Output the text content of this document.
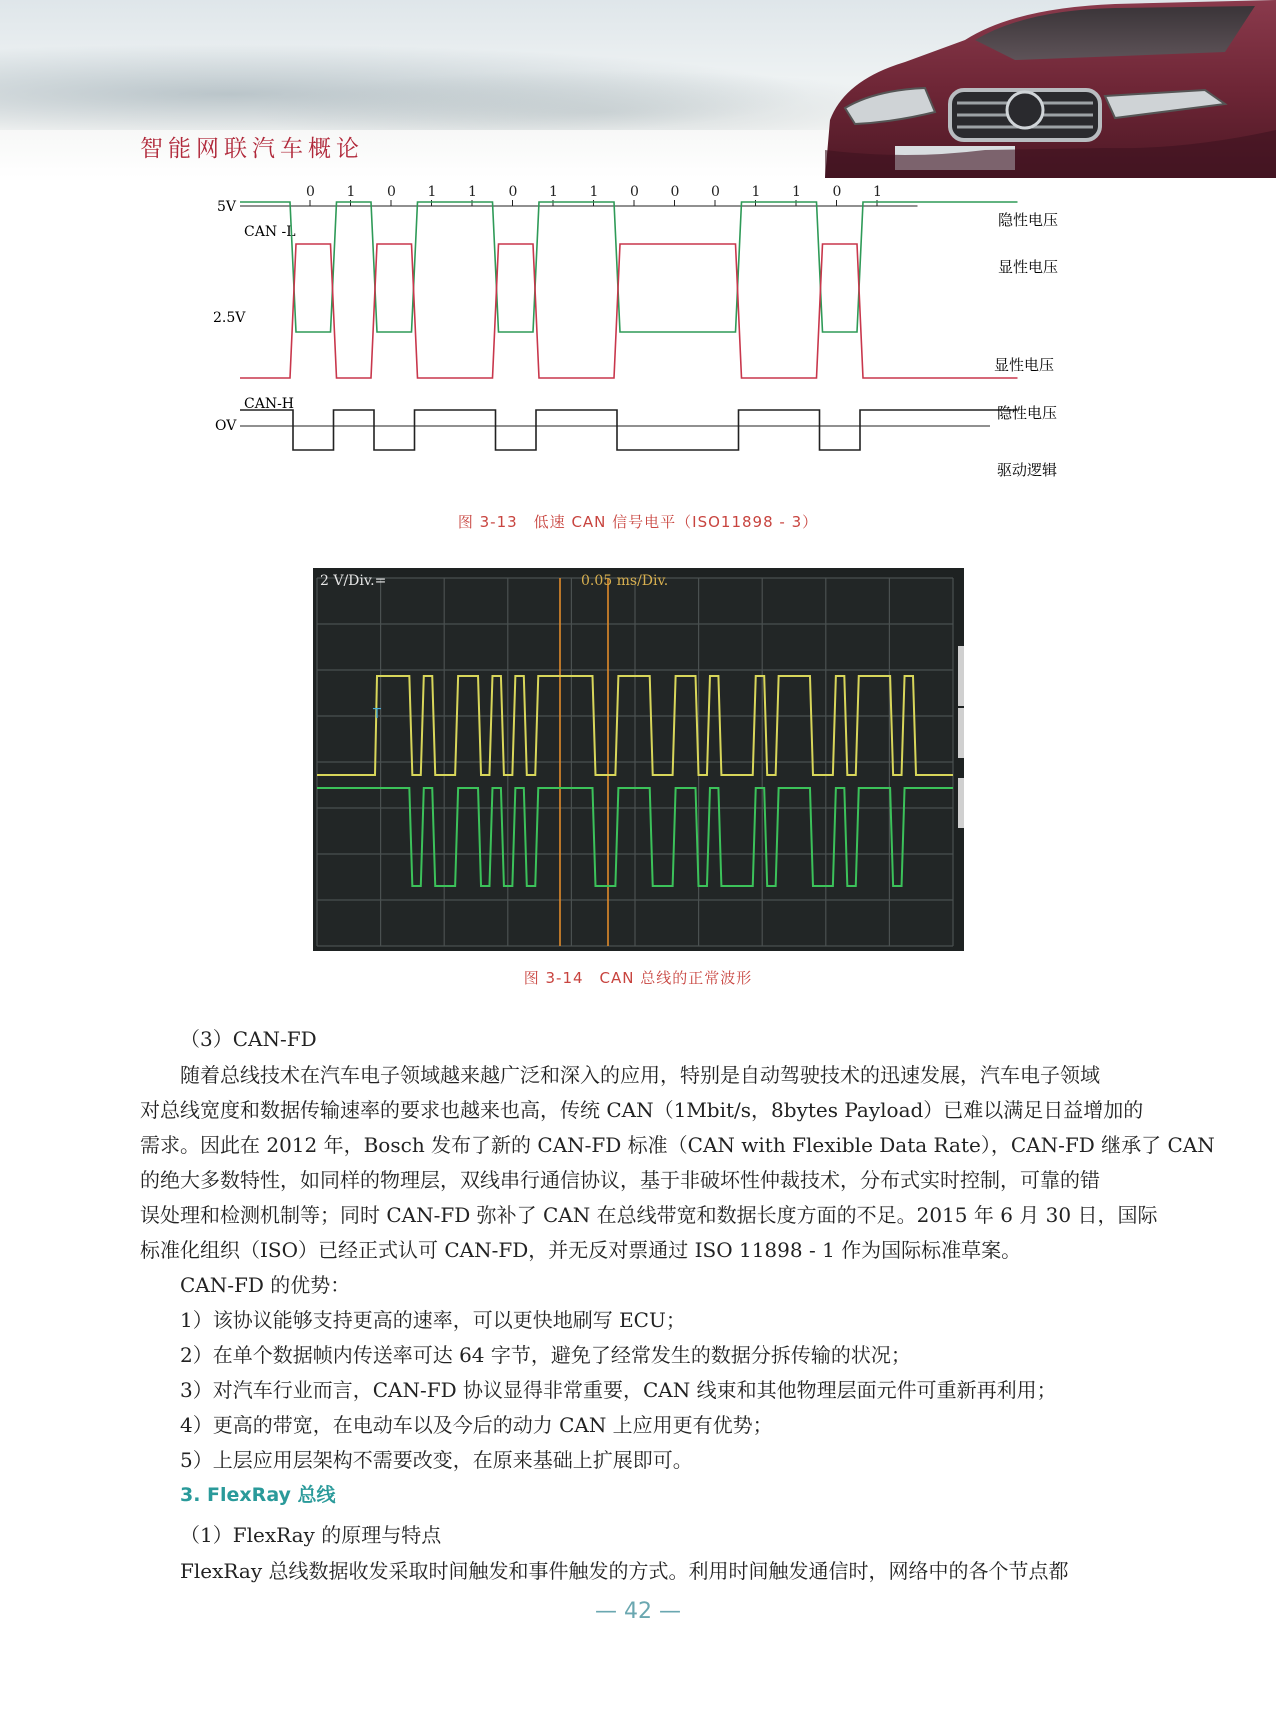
智能网联汽车概论
0 1 0 1 1 0 1 1 0 0 0 1 1 0 1
5V
2.5V
OV
CAN -L
CAN-H
隐性电压
显性电压
显性电压
隐性电压
驱动逻辑
图 3-13　低速 CAN 信号电平（ISO11898 - 3）
2 V/Div.=	0.05 ms/Div.
T
图 3-14　CAN 总线的正常波形
（3）CAN-FD
随着总线技术在汽车电子领域越来越广泛和深入的应用，特别是自动驾驶技术的迅速发展，汽车电子领域
对总线宽度和数据传输速率的要求也越来也高，传统 CAN（1Mbit/s，8bytes Payload）已难以满足日益增加的
需求。因此在 2012 年，Bosch 发布了新的 CAN-FD 标准（CAN with Flexible Data Rate），CAN-FD 继承了 CAN
的绝大多数特性，如同样的物理层，双线串行通信协议，基于非破坏性仲裁技术，分布式实时控制，可靠的错
误处理和检测机制等；同时 CAN-FD 弥补了 CAN 在总线带宽和数据长度方面的不足。2015 年 6 月 30 日，国际
标准化组织（ISO）已经正式认可 CAN-FD，并无反对票通过 ISO 11898 - 1 作为国际标准草案。
CAN-FD 的优势：
1）该协议能够支持更高的速率，可以更快地刷写 ECU；
2）在单个数据帧内传送率可达 64 字节，避免了经常发生的数据分拆传输的状况；
3）对汽车行业而言，CAN-FD 协议显得非常重要，CAN 线束和其他物理层面元件可重新再利用；
4）更高的带宽，在电动车以及今后的动力 CAN 上应用更有优势；
5）上层应用层架构不需要改变，在原来基础上扩展即可。
3. FlexRay 总线
（1）FlexRay 的原理与特点
FlexRay 总线数据收发采取时间触发和事件触发的方式。利用时间触发通信时，网络中的各个节点都
— 42 —
